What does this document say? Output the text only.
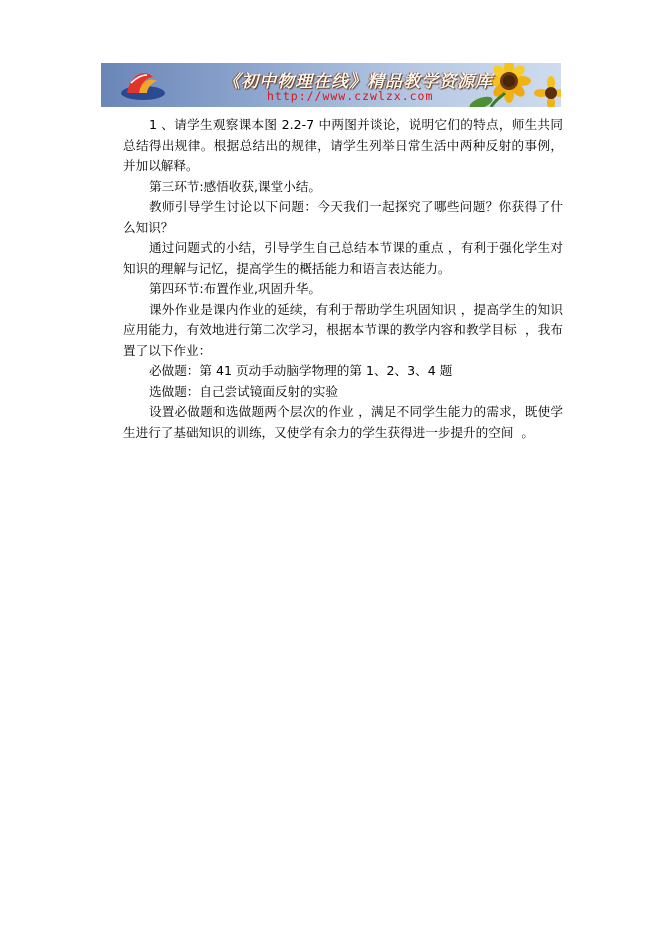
《初中物理在线》精品教学资源库
http://www.czwlzx.com

1 、请学生观察课本图 2.2-7 中两图并谈论，说明它们的特点，师生共同总结得出规律。根据总结出的规律，请学生列举日常生活中两种反射的事例，并加以解释。

第三环节:感悟收获,课堂小结。

教师引导学生讨论以下问题：今天我们一起探究了哪些问题？你获得了什么知识？

通过问题式的小结，引导学生自己总结本节课的重点 ，有利于强化学生对知识的理解与记忆，提高学生的概括能力和语言表达能力。

第四环节:布置作业,巩固升华。

课外作业是课内作业的延续，有利于帮助学生巩固知识 ，提高学生的知识应用能力，有效地进行第二次学习，根据本节课的教学内容和教学目标  ，我布置了以下作业：

必做题：第 41 页动手动脑学物理的第 1、2、3、4 题

选做题：自己尝试镜面反射的实验

设置必做题和选做题两个层次的作业 ，满足不同学生能力的需求，既使学生进行了基础知识的训练，又使学有余力的学生获得进一步提升的空间  。
